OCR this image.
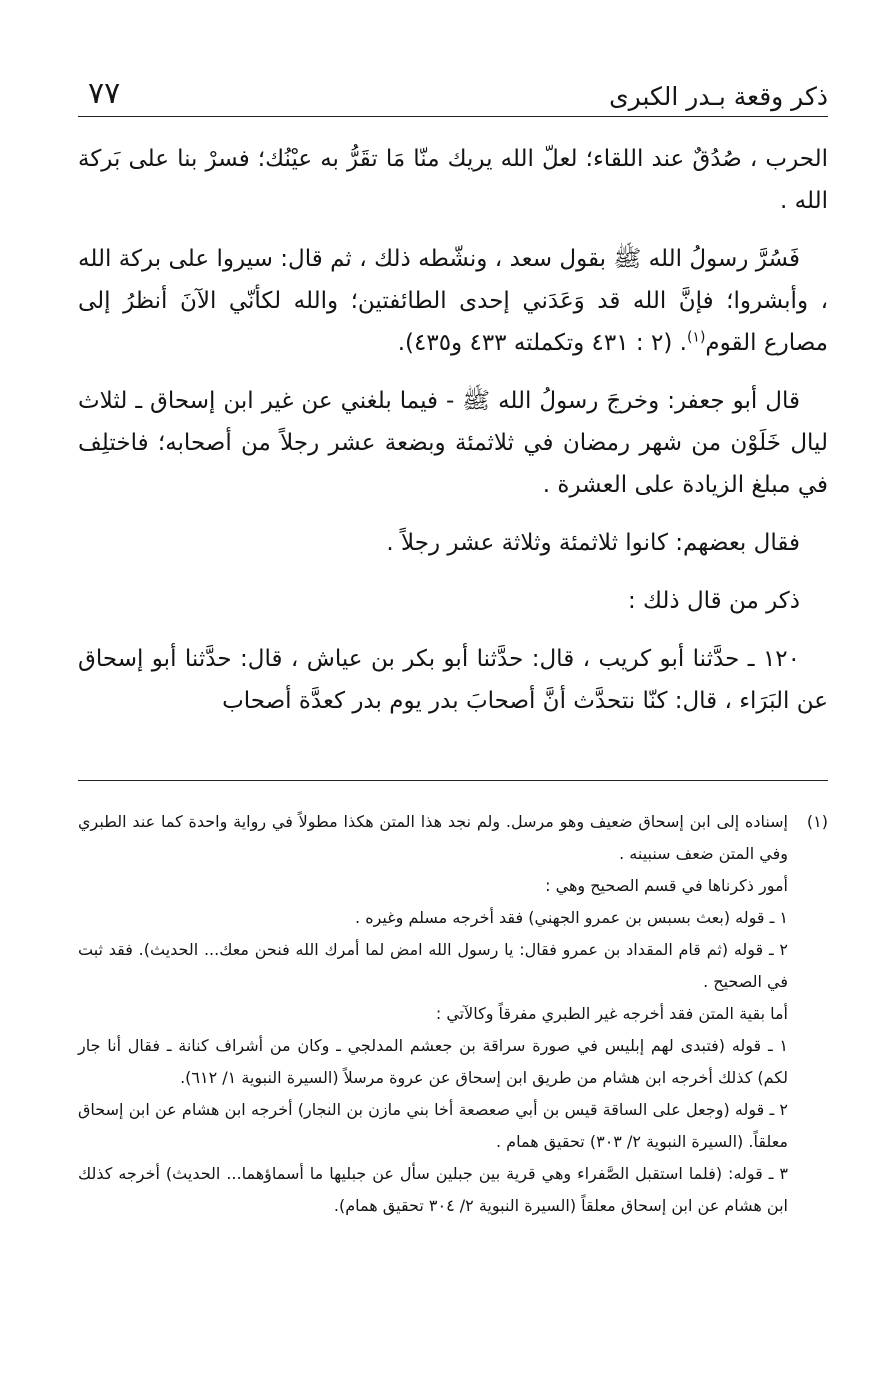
ذكر وقعة بـدر الكبرى
٧٧

الحرب ، صُدُقٌ عند اللقاء؛ لعلّ الله يريك منّا مَا تقَرُّ به عيْنُك؛ فسرْ بنا على بَركة الله .

فَسُرَّ رسولُ الله ﷺ بقول سعد ، ونشّطه ذلك ، ثم قال: سيروا على بركة الله ، وأبشروا؛ فإنَّ الله قد وَعَدَني إحدى الطائفتين؛ والله لكأنّي الآنَ أنظرُ إلى مصارع القوم$^{(١)}$. (٢ : ٤٣١ وتكملته ٤٣٣ و٤٣٥).

قال أبو جعفر: وخرجَ رسولُ الله ﷺ - فيما بلغني عن غير ابن إسحاق ـ لثلاث ليال خَلَوْن من شهر رمضان في ثلاثمئة وبضعة عشر رجلاً من أصحابه؛ فاختلِف في مبلغ الزيادة على العشرة .

فقال بعضهم: كانوا ثلاثمئة وثلاثة عشر رجلاً .

ذكر من قال ذلك :

١٢٠ ـ حدَّثنا أبو كريب ، قال: حدَّثنا أبو بكر بن عياش ، قال: حدَّثنا أبو إسحاق عن البَرَاء ، قال: كنّا نتحدَّث أنَّ أصحابَ بدر يوم بدر كعدَّة أصحاب

(١)

إسناده إلى ابن إسحاق ضعيف وهو مرسل. ولم نجد هذا المتن هكذا مطولاً في رواية واحدة كما عند الطبري وفي المتن ضعف سنبينه .

أمور ذكرناها في قسم الصحيح وهي :

١ ـ قوله (بعث بسبس بن عمرو الجهني) فقد أخرجه مسلم وغيره .

٢ ـ قوله (ثم قام المقداد بن عمرو فقال: يا رسول الله امض لما أمرك الله فنحن معك... الحديث). فقد ثبت في الصحيح .

أما بقية المتن فقد أخرجه غير الطبري مفرقاً وكالآتي :

١ ـ قوله (فتبدى لهم إبليس في صورة سراقة بن جعشم المدلجي ـ وكان من أشراف كنانة ـ فقال أنا جار لكم) كذلك أخرجه ابن هشام من طريق ابن إسحاق عن عروة مرسلاً (السيرة النبوية ١/ ٦١٢).

٢ ـ قوله (وجعل على الساقة قيس بن أبي صعصعة أخا بني مازن بن النجار) أخرجه ابن هشام عن ابن إسحاق معلقاً. (السيرة النبوية ٢/ ٣٠٣) تحقيق همام .

٣ ـ قوله: (فلما استقبل الصَّفراء وهي قرية بين جبلين سأل عن جبليها ما أسماؤهما... الحديث) أخرجه كذلك ابن هشام عن ابن إسحاق معلقاً (السيرة النبوية ٢/ ٣٠٤ تحقيق همام).
